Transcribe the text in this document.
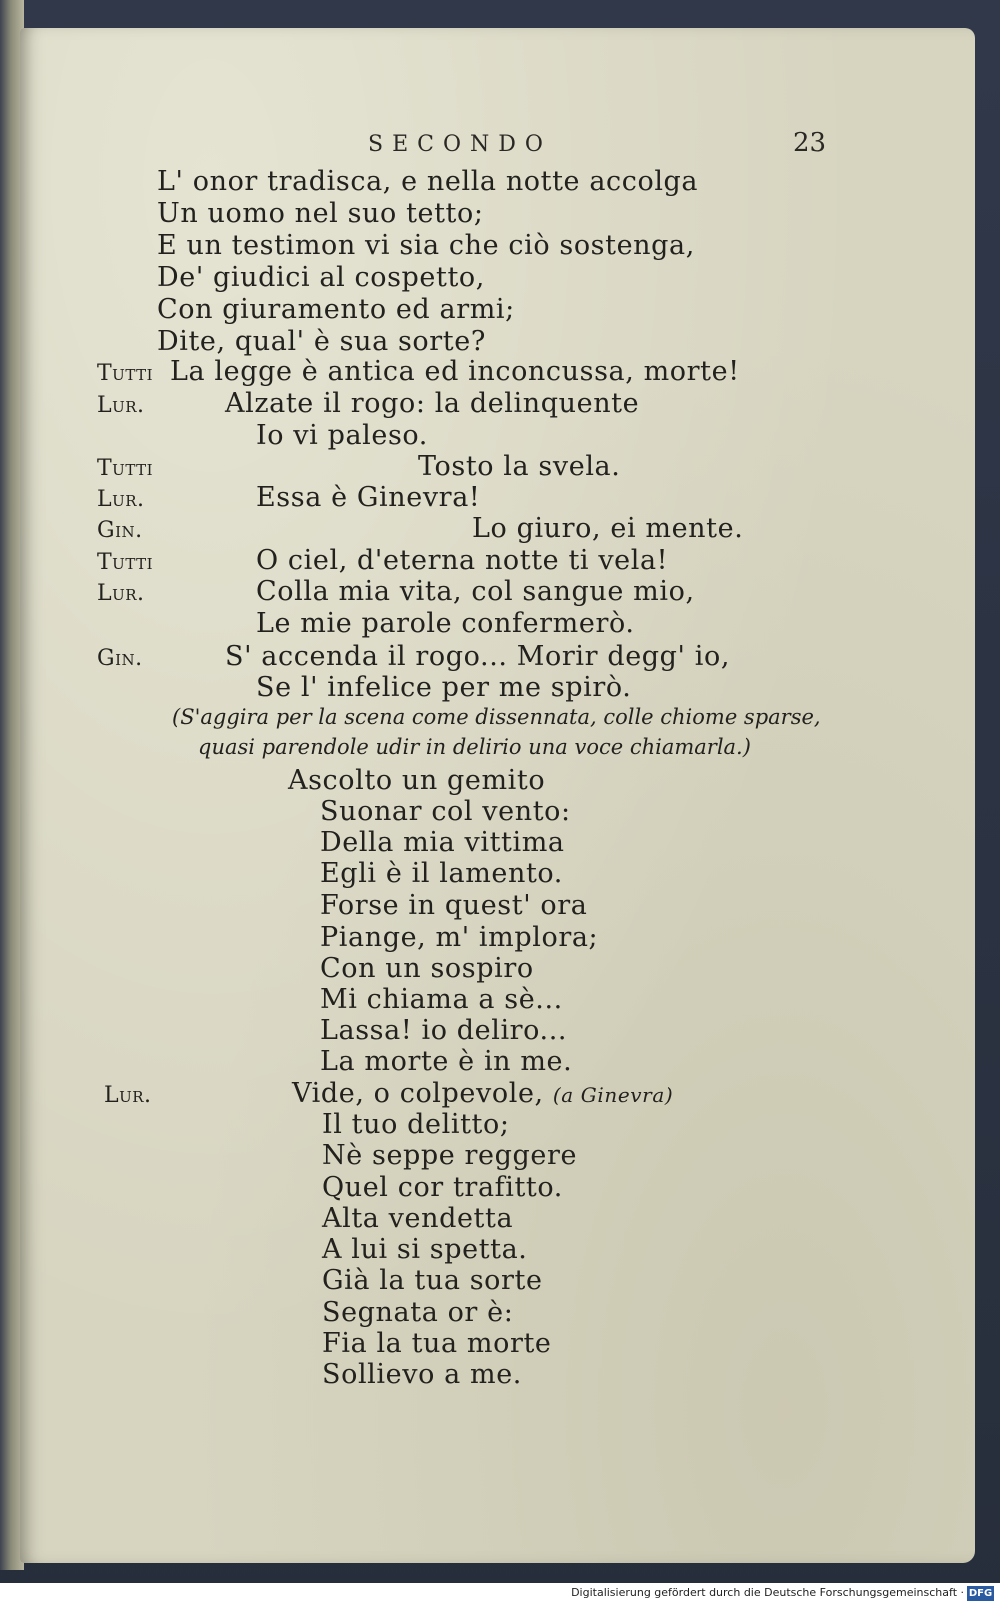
SECONDO	23
L' onor tradisca, e nella notte accolga
Un uomo nel suo tetto;
E un testimon vi sia che ciò sostenga,
De' giudici al cospetto,
Con giuramento ed armi;
Dite, qual' è sua sorte?
Tutti La legge è antica ed inconcussa, morte!
Lur.	Alzate il rogo: la delinquente
Io vi paleso.
Tutti	Tosto la svela.
Lur.	Essa è Ginevra!
Gin.	Lo giuro, ei mente.
Tutti	O ciel, d'eterna notte ti vela!
Lur.	Colla mia vita, col sangue mio,
Le mie parole confermerò.
Gin.	S' accenda il rogo... Morir degg' io,
Se l' infelice per me spirò.
(S'aggira per la scena come dissennata, colle chiome sparse,
quasi parendole udir in delirio una voce chiamarla.)
Ascolto un gemito
Suonar col vento:
Della mia vittima
Egli è il lamento.
Forse in quest' ora
Piange, m' implora;
Con un sospiro
Mi chiama a sè...
Lassa! io deliro...
La morte è in me.
Lur.	Vide, o colpevole, (a Ginevra)
Il tuo delitto;
Nè seppe reggere
Quel cor trafitto.
Alta vendetta
A lui si spetta.
Già la tua sorte
Segnata or è:
Fia la tua morte
Sollievo a me.
Digitalisierung gefördert durch die Deutsche Forschungsgemeinschaft · DFG
